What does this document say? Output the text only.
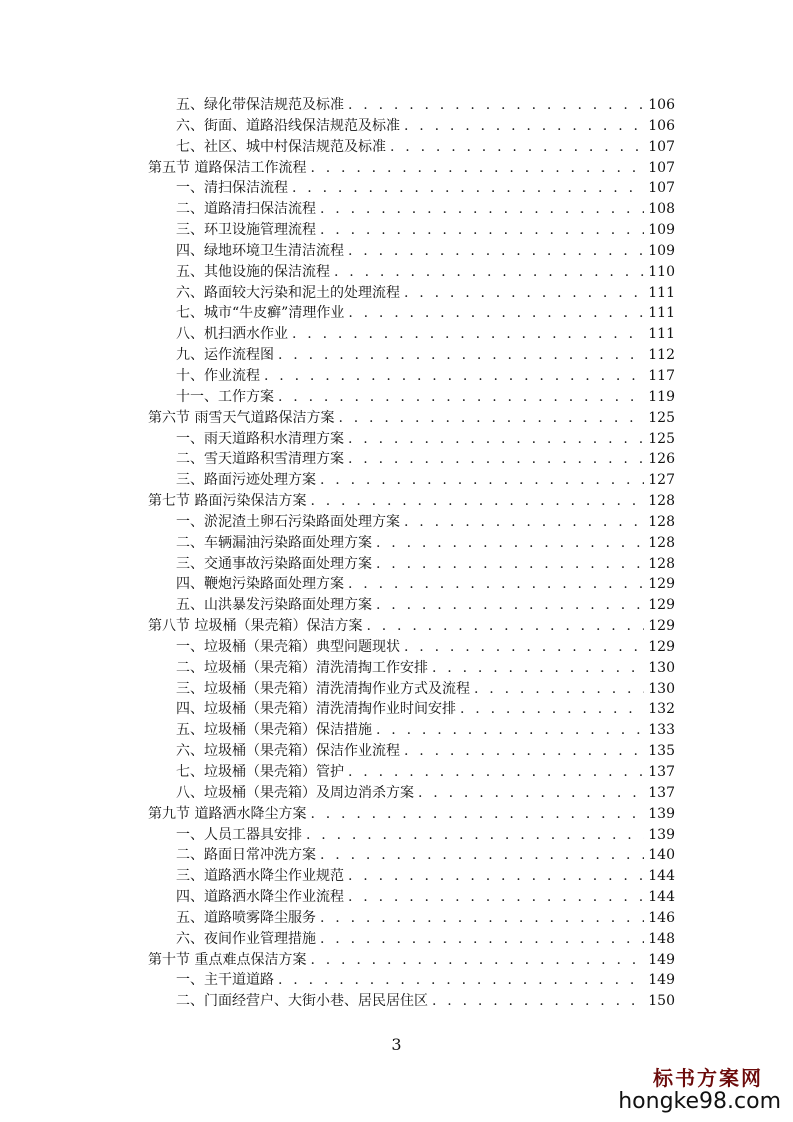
五、绿化带保洁规范及标准 . . .	106
六、街面、道路沿线保洁规范及标准 . . .	106
七、社区、城中村保洁规范及标准 . . .	107
第五节 道路保洁工作流程 . . .	107
一、清扫保洁流程 . . .	107
二、道路清扫保洁流程 . . .	108
三、环卫设施管理流程 . . .	109
四、绿地环境卫生清洁流程 . . .	109
五、其他设施的保洁流程 . . .	110
六、路面较大污染和泥土的处理流程 . . .	111
七、城市“牛皮癣”清理作业 . . .	111
八、机扫洒水作业 . . .	111
九、运作流程图 . . .	112
十、作业流程 . . .	117
十一、工作方案 . . .	119
第六节 雨雪天气道路保洁方案 . . .	125
一、雨天道路积水清理方案 . . .	125
二、雪天道路积雪清理方案 . . .	126
三、路面污迹处理方案 . . .	127
第七节 路面污染保洁方案 . . .	128
一、淤泥渣土卵石污染路面处理方案 . . .	128
二、车辆漏油污染路面处理方案 . . .	128
三、交通事故污染路面处理方案 . . .	128
四、鞭炮污染路面处理方案 . . .	129
五、山洪暴发污染路面处理方案 . . .	129
第八节 垃圾桶（果壳箱）保洁方案 . . .	129
一、垃圾桶（果壳箱）典型问题现状 . . .	129
二、垃圾桶（果壳箱）清洗清掏工作安排 . . .	130
三、垃圾桶（果壳箱）清洗清掏作业方式及流程 . . .	130
四、垃圾桶（果壳箱）清洗清掏作业时间安排 . . .	132
五、垃圾桶（果壳箱）保洁措施 . . .	133
六、垃圾桶（果壳箱）保洁作业流程 . . .	135
七、垃圾桶（果壳箱）管护 . . .	137
八、垃圾桶（果壳箱）及周边消杀方案 . . .	137
第九节 道路洒水降尘方案 . . .	139
一、人员工器具安排 . . .	139
二、路面日常冲洗方案 . . .	140
三、道路洒水降尘作业规范 . . .	144
四、道路洒水降尘作业流程 . . .	144
五、道路喷雾降尘服务 . . .	146
六、夜间作业管理措施 . . .	148
第十节 重点难点保洁方案 . . .	149
一、主干道道路 . . .	149
二、门面经营户、大街小巷、居民居住区 . . .	150
3
标书方案网
hongke98.com
